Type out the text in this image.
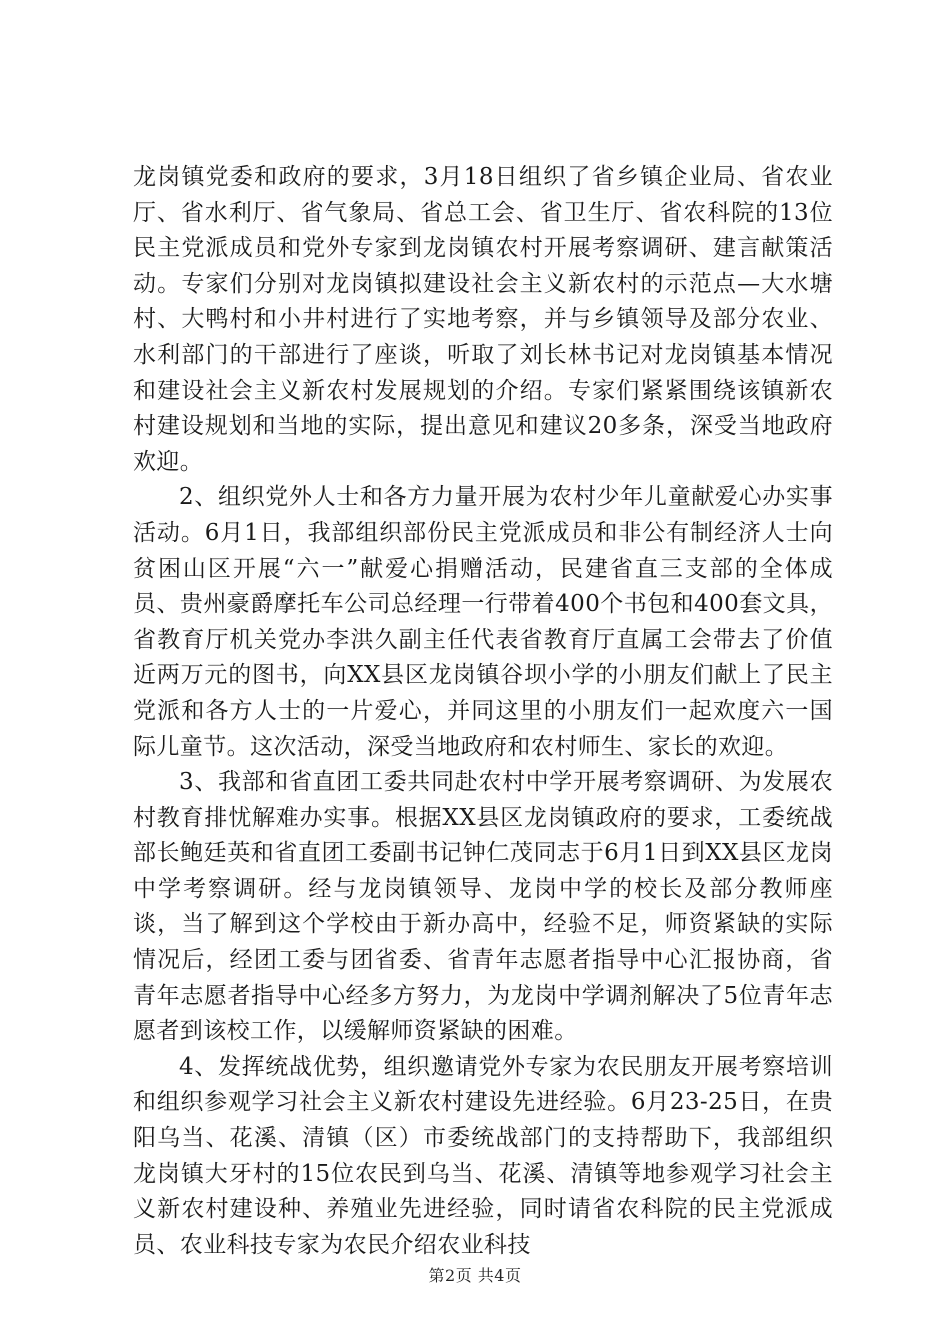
龙岗镇党委和政府的要求，3月18日组织了省乡镇企业局、省农业厅、省水利厅、省气象局、省总工会、省卫生厅、省农科院的13位民主党派成员和党外专家到龙岗镇农村开展考察调研、建言献策活动。专家们分别对龙岗镇拟建设社会主义新农村的示范点—大水塘村、大鸭村和小井村进行了实地考察，并与乡镇领导及部分农业、水利部门的干部进行了座谈，听取了刘长林书记对龙岗镇基本情况和建设社会主义新农村发展规划的介绍。专家们紧紧围绕该镇新农村建设规划和当地的实际，提出意见和建议20多条，深受当地政府欢迎。

2、组织党外人士和各方力量开展为农村少年儿童献爱心办实事活动。6月1日，我部组织部份民主党派成员和非公有制经济人士向贫困山区开展“六一”献爱心捐赠活动，民建省直三支部的全体成员、贵州豪爵摩托车公司总经理一行带着400个书包和400套文具，省教育厅机关党办李洪久副主任代表省教育厅直属工会带去了价值近两万元的图书，向XX县区龙岗镇谷坝小学的小朋友们献上了民主党派和各方人士的一片爱心，并同这里的小朋友们一起欢度六一国际儿童节。这次活动，深受当地政府和农村师生、家长的欢迎。

3、我部和省直团工委共同赴农村中学开展考察调研、为发展农村教育排忧解难办实事。根据XX县区龙岗镇政府的要求，工委统战部长鲍廷英和省直团工委副书记钟仁茂同志于6月1日到XX县区龙岗中学考察调研。经与龙岗镇领导、龙岗中学的校长及部分教师座谈，当了解到这个学校由于新办高中，经验不足，师资紧缺的实际情况后，经团工委与团省委、省青年志愿者指导中心汇报协商，省青年志愿者指导中心经多方努力，为龙岗中学调剂解决了5位青年志愿者到该校工作，以缓解师资紧缺的困难。

4、发挥统战优势，组织邀请党外专家为农民朋友开展考察培训和组织参观学习社会主义新农村建设先进经验。6月23-25日，在贵阳乌当、花溪、清镇（区）市委统战部门的支持帮助下，我部组织龙岗镇大牙村的15位农民到乌当、花溪、清镇等地参观学习社会主义新农村建设种、养殖业先进经验，同时请省农科院的民主党派成员、农业科技专家为农民介绍农业科技

第2页 共4页
